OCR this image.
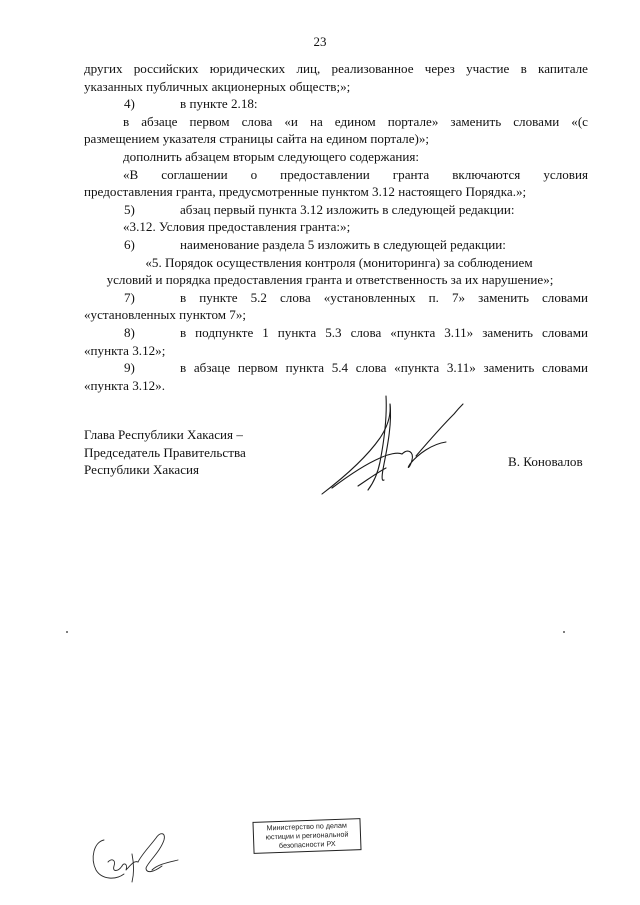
23

других российских юридических лиц, реализованное через участие в капитале

указанных публичных акционерных обществ;»;

4)	в пункте 2.18:

в абзаце первом слова «и на едином портале» заменить словами «(с

размещением указателя страницы сайта на едином портале)»;

дополнить абзацем вторым следующего содержания:

«В соглашении о предоставлении гранта включаются условия

предоставления гранта, предусмотренные пунктом 3.12 настоящего Порядка.»;

5)	абзац первый пункта 3.12 изложить в следующей редакции:

«3.12. Условия предоставления гранта:»;

6)	наименование раздела 5 изложить в следующей редакции:

«5. Порядок осуществления контроля (мониторинга) за соблюдением

условий и порядка предоставления гранта и ответственность за их нарушение»;

7)	в пункте 5.2 слова «установленных п. 7» заменить словами

«установленных пунктом 7»;

8)	в подпункте 1 пункта 5.3 слова «пункта 3.11» заменить словами

«пункта 3.12»;

9)	в абзаце первом пункта 5.4 слова «пункта 3.11» заменить словами

«пункта 3.12».

Глава Республики Хакасия –
Председатель Правительства
Республики Хакасия
В. Коновалов
Министерство по делам
юстиции и региональной
безопасности РХ
